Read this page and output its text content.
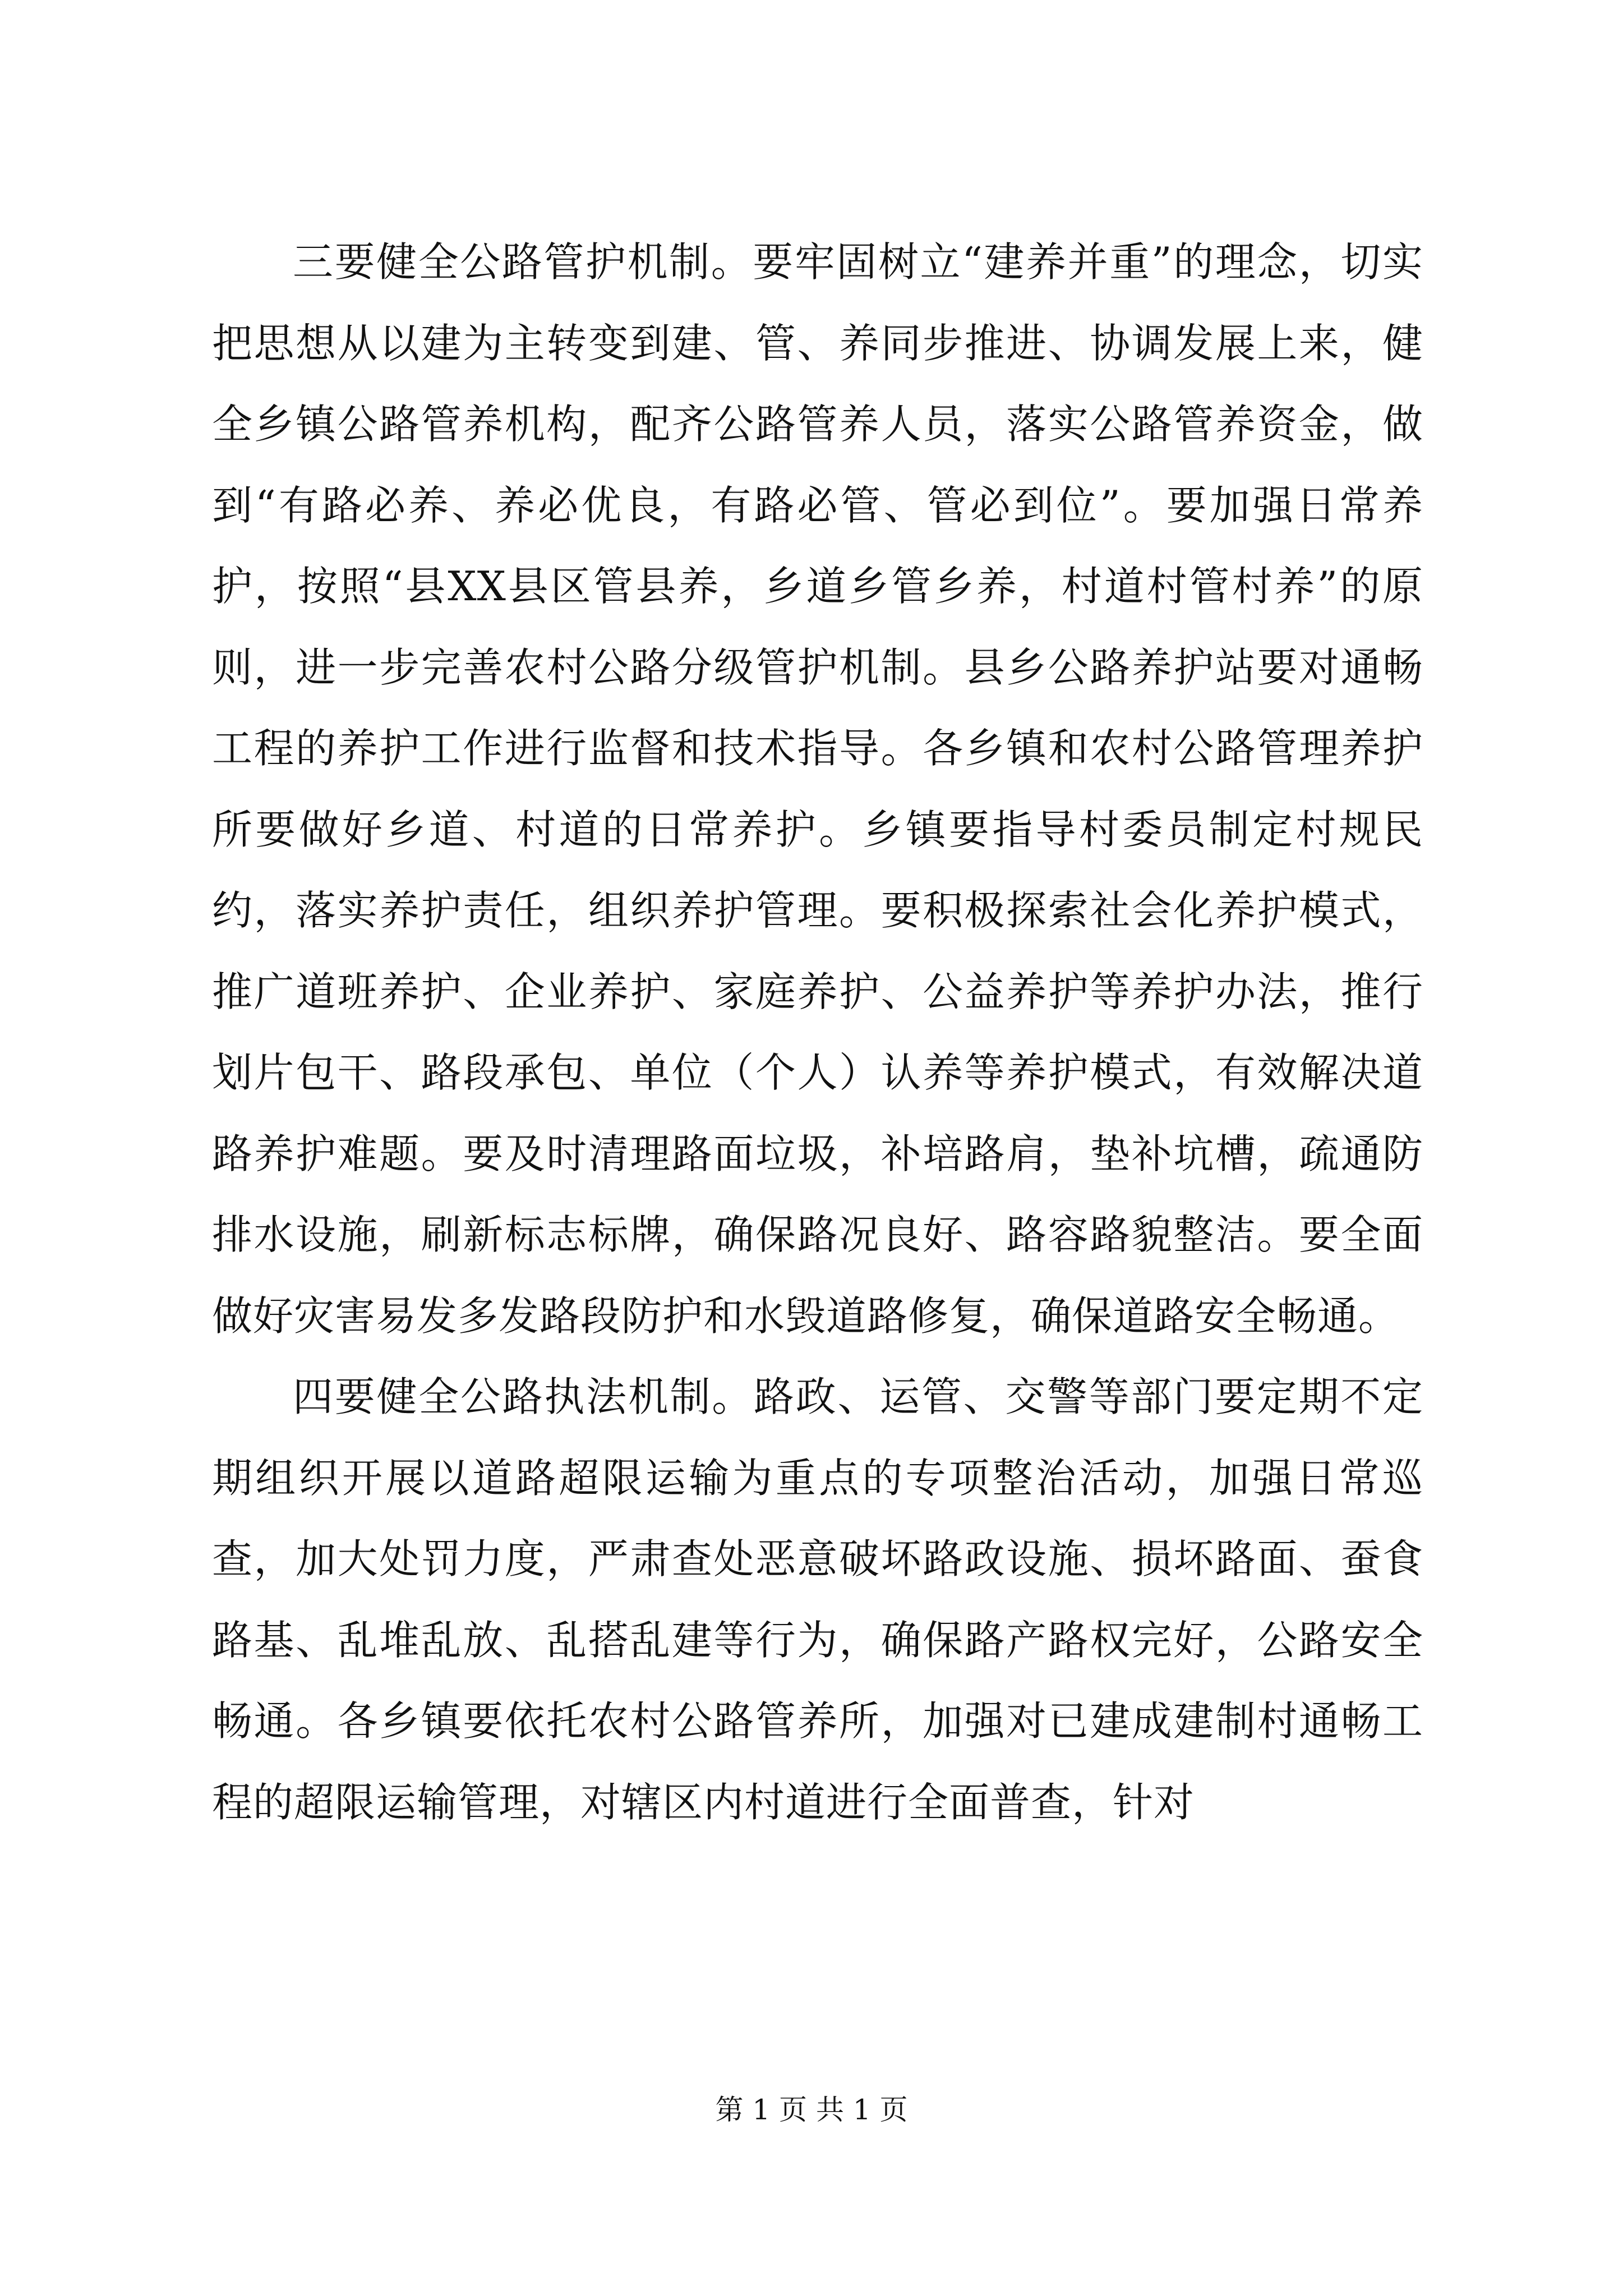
三要健全公路管护机制。要牢固树立“建养并重”的理念，切实把思想从以建为主转变到建、管、养同步推进、协调发展上来，健全乡镇公路管养机构，配齐公路管养人员，落实公路管养资金，做到“有路必养、养必优良，有路必管、管必到位”。要加强日常养护，按照“县XX县区管县养，乡道乡管乡养，村道村管村养”的原则，进一步完善农村公路分级管护机制。县乡公路养护站要对通畅工程的养护工作进行监督和技术指导。各乡镇和农村公路管理养护所要做好乡道、村道的日常养护。乡镇要指导村委员制定村规民约，落实养护责任，组织养护管理。要积极探索社会化养护模式，推广道班养护、企业养护、家庭养护、公益养护等养护办法，推行划片包干、路段承包、单位（个人）认养等养护模式，有效解决道路养护难题。要及时清理路面垃圾，补培路肩，垫补坑槽，疏通防排水设施，刷新标志标牌，确保路况良好、路容路貌整洁。要全面做好灾害易发多发路段防护和水毁道路修复，确保道路安全畅通。

四要健全公路执法机制。路政、运管、交警等部门要定期不定期组织开展以道路超限运输为重点的专项整治活动，加强日常巡查，加大处罚力度，严肃查处恶意破坏路政设施、损坏路面、蚕食路基、乱堆乱放、乱搭乱建等行为，确保路产路权完好，公路安全畅通。各乡镇要依托农村公路管养所，加强对已建成建制村通畅工程的超限运输管理，对辖区内村道进行全面普查，针对

第 1 页 共 1 页
